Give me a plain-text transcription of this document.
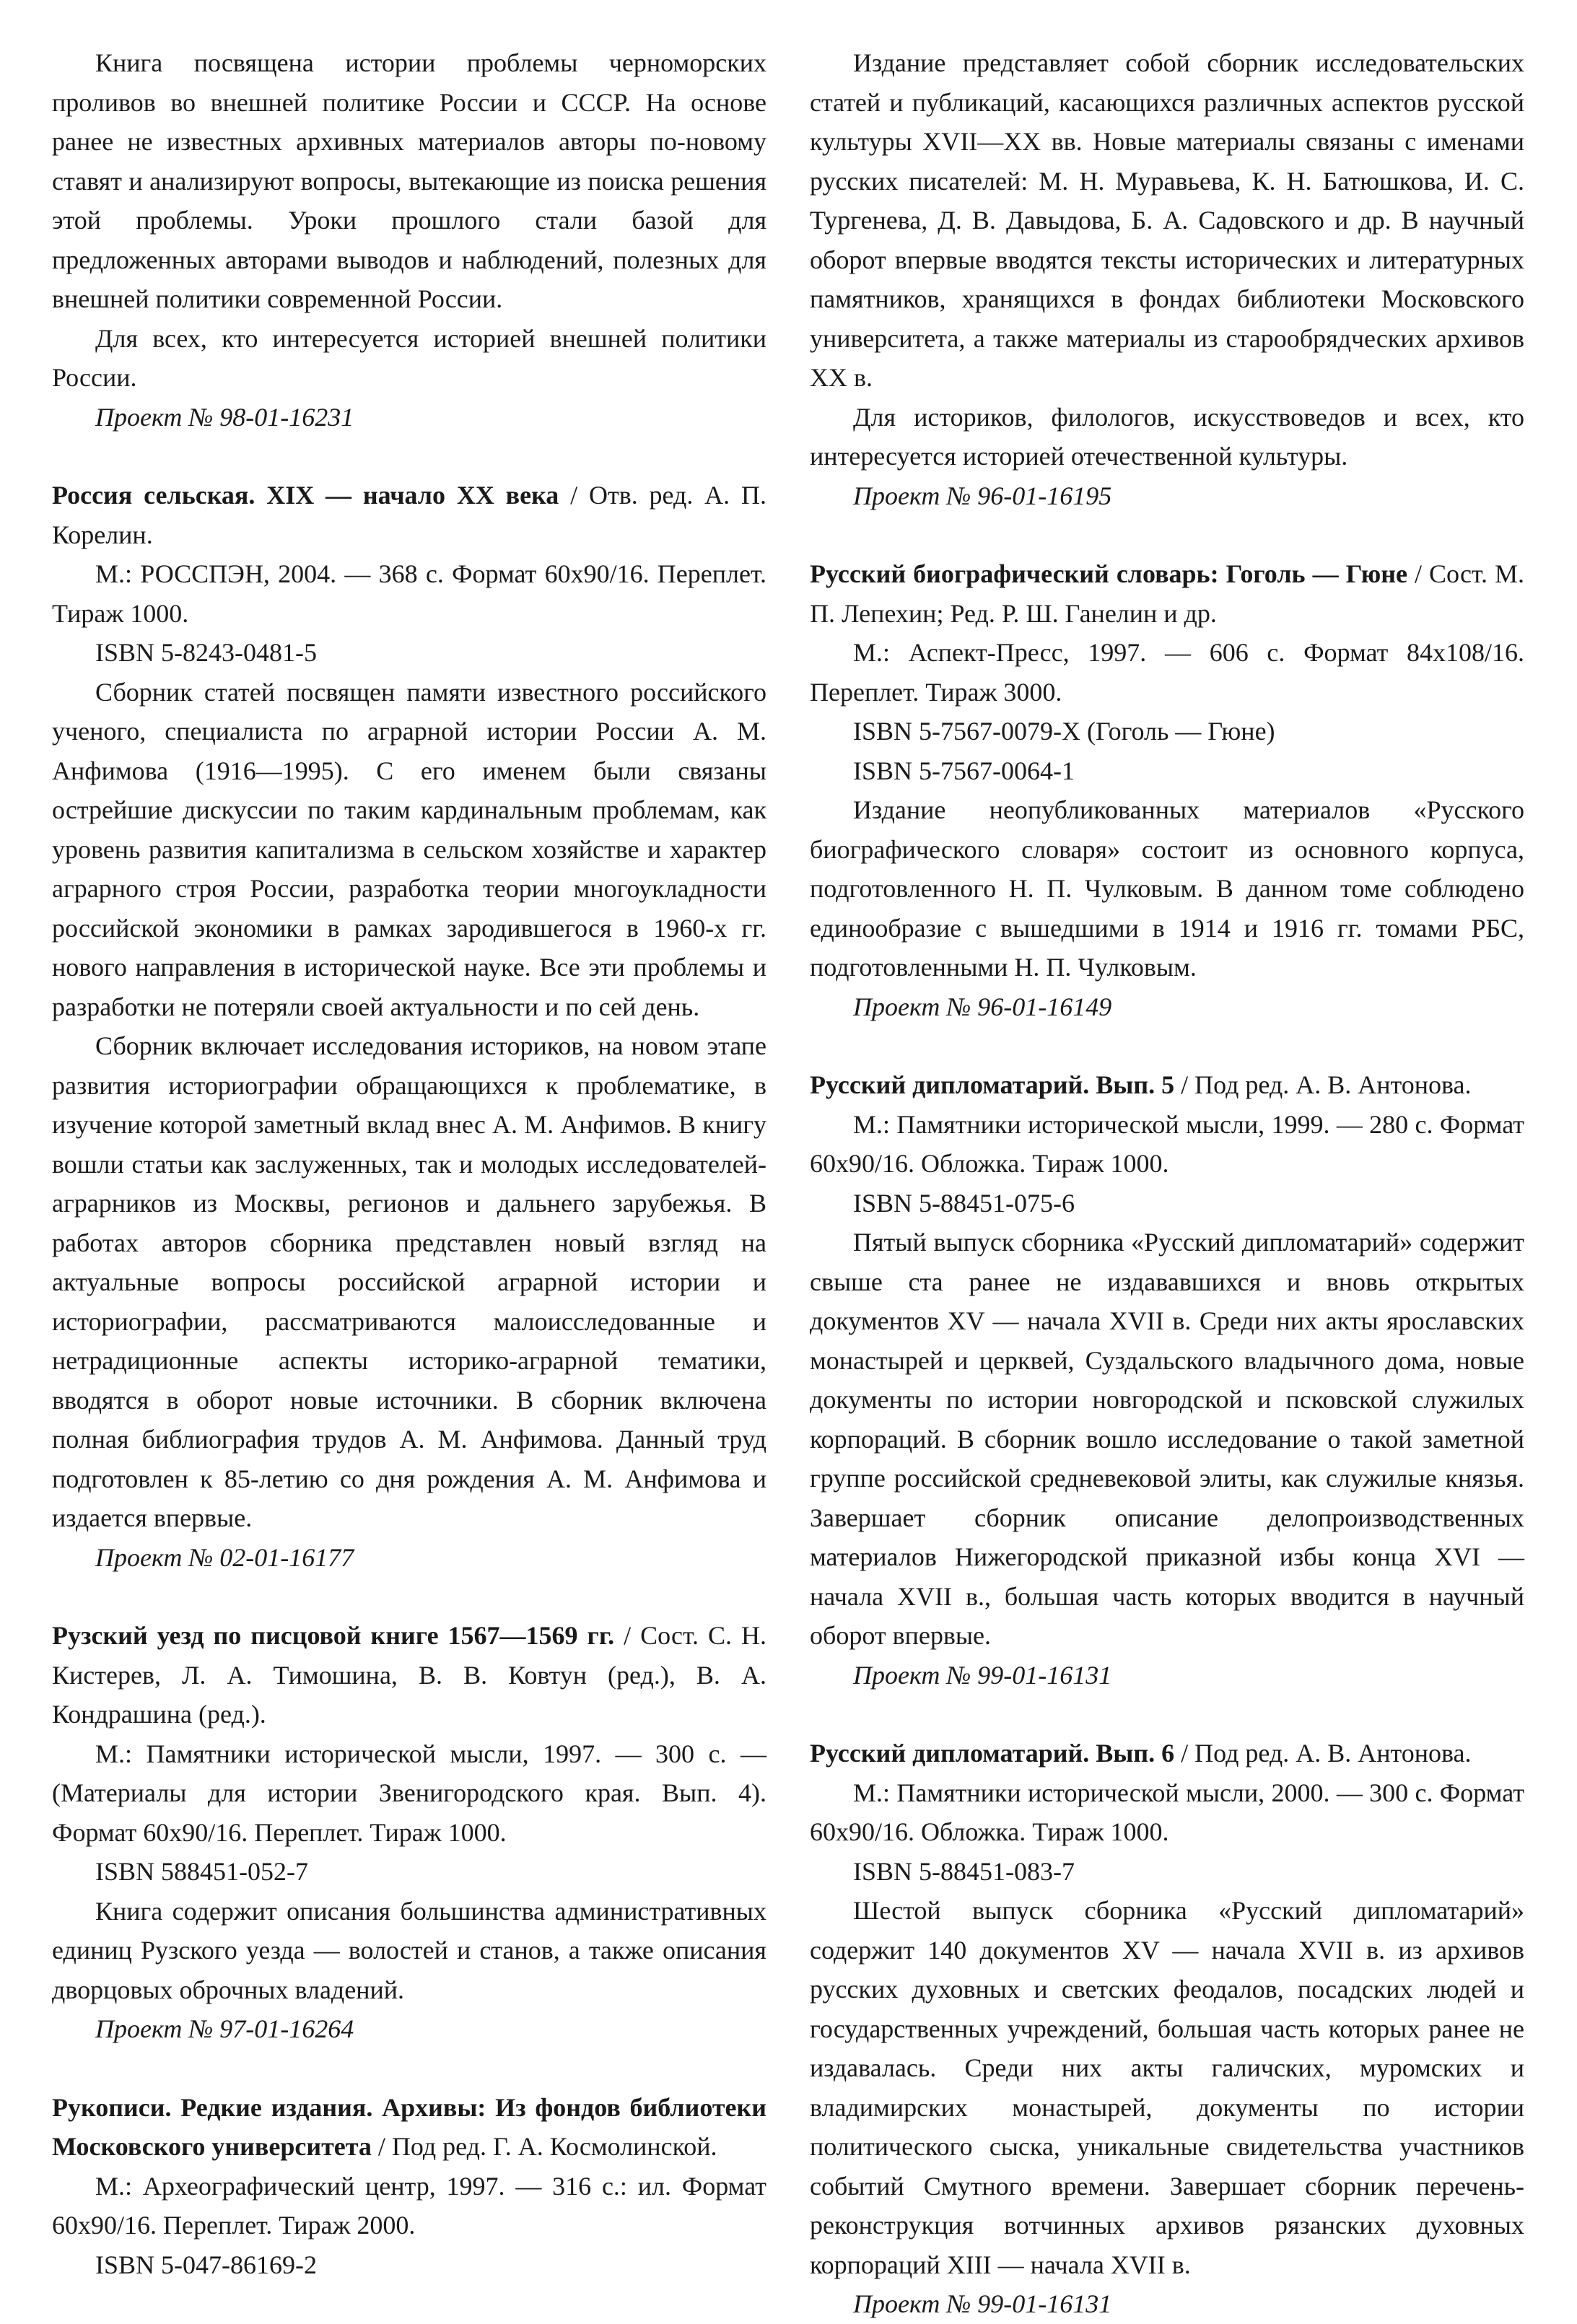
Книга посвящена истории проблемы черноморских проливов во внешней политике России и СССР. На основе ранее не известных архивных материалов авторы по-новому ставят и анализируют вопросы, вытекающие из поиска решения этой проблемы. Уроки прошлого стали базой для предложенных авторами выводов и наблюдений, полезных для внешней политики современной России.

Для всех, кто интересуется историей внешней политики России.

Проект № 98-01-16231

Россия сельская. XIX — начало XX века / Отв. ред. А. П. Корелин.

М.: РОССПЭН, 2004. — 368 с. Формат 60x90/16. Переплет. Тираж 1000.

ISBN 5-8243-0481-5

Сборник статей посвящен памяти известного российского ученого, специалиста по аграрной истории России А. М. Анфимова (1916—1995). С его именем были связаны острейшие дискуссии по таким кардинальным проблемам, как уровень развития капитализма в сельском хозяйстве и характер аграрного строя России, разработка теории многоукладности российской экономики в рамках зародившегося в 1960-х гг. нового направления в исторической науке. Все эти проблемы и разработки не потеряли своей актуальности и по сей день.

Сборник включает исследования историков, на новом этапе развития историографии обращающихся к проблематике, в изучение которой заметный вклад внес А. М. Анфимов. В книгу вошли статьи как заслуженных, так и молодых исследователей-аграрников из Москвы, регионов и дальнего зарубежья. В работах авторов сборника представлен новый взгляд на актуальные вопросы российской аграрной истории и историографии, рассматриваются малоисследованные и нетрадиционные аспекты историко-аграрной тематики, вводятся в оборот новые источники. В сборник включена полная библиография трудов А. М. Анфимова. Данный труд подготовлен к 85-летию со дня рождения А. М. Анфимова и издается впервые.

Проект № 02-01-16177

Рузский уезд по писцовой книге 1567—1569 гг. / Сост. С. Н. Кистерев, Л. А. Тимошина, В. В. Ковтун (ред.), В. А. Кондрашина (ред.).

М.: Памятники исторической мысли, 1997. — 300 с. — (Материалы для истории Звенигородского края. Вып. 4). Формат 60x90/16. Переплет. Тираж 1000.

ISBN 588451-052-7

Книга содержит описания большинства административных единиц Рузского уезда — волостей и станов, а также описания дворцовых оброчных владений.

Проект № 97-01-16264

Рукописи. Редкие издания. Архивы: Из фондов библиотеки Московского университета / Под ред. Г. А. Космолинской.

М.: Археографический центр, 1997. — 316 с.: ил. Формат 60x90/16. Переплет. Тираж 2000.

ISBN 5-047-86169-2

Издание представляет собой сборник исследовательских статей и публикаций, касающихся различных аспектов русской культуры XVII—XX вв. Новые материалы связаны с именами русских писателей: М. Н. Муравьева, К. Н. Батюшкова, И. С. Тургенева, Д. В. Давыдова, Б. А. Садовского и др. В научный оборот впервые вводятся тексты исторических и литературных памятников, хранящихся в фондах библиотеки Московского университета, а также материалы из старообрядческих архивов XX в.

Для историков, филологов, искусствоведов и всех, кто интересуется историей отечественной культуры.

Проект № 96-01-16195

Русский биографический словарь: Гоголь — Гюне / Сост. М. П. Лепехин; Ред. Р. Ш. Ганелин и др.

М.: Аспект-Пресс, 1997. — 606 с. Формат 84x108/16. Переплет. Тираж 3000.

ISBN 5-7567-0079-X (Гоголь — Гюне)

ISBN 5-7567-0064-1

Издание неопубликованных материалов «Русского биографического словаря» состоит из основного корпуса, подготовленного Н. П. Чулковым. В данном томе соблюдено единообразие с вышедшими в 1914 и 1916 гг. томами РБС, подготовленными Н. П. Чулковым.

Проект № 96-01-16149

Русский дипломатарий. Вып. 5 / Под ред. А. В. Антонова.

М.: Памятники исторической мысли, 1999. — 280 с. Формат 60x90/16. Обложка. Тираж 1000.

ISBN 5-88451-075-6

Пятый выпуск сборника «Русский дипломатарий» содержит свыше ста ранее не издававшихся и вновь открытых документов XV — начала XVII в. Среди них акты ярославских монастырей и церквей, Суздальского владычного дома, новые документы по истории новгородской и псковской служилых корпораций. В сборник вошло исследование о такой заметной группе российской средневековой элиты, как служилые князья. Завершает сборник описание делопроизводственных материалов Нижегородской приказной избы конца XVI — начала XVII в., большая часть которых вводится в научный оборот впервые.

Проект № 99-01-16131

Русский дипломатарий. Вып. 6 / Под ред. А. В. Антонова.

М.: Памятники исторической мысли, 2000. — 300 с. Формат 60x90/16. Обложка. Тираж 1000.

ISBN 5-88451-083-7

Шестой выпуск сборника «Русский дипломатарий» содержит 140 документов XV — начала XVII в. из архивов русских духовных и светских феодалов, посадских людей и государственных учреждений, большая часть которых ранее не издавалась. Среди них акты галичских, муромских и владимирских монастырей, документы по истории политического сыска, уникальные свидетельства участников событий Смутного времени. Завершает сборник перечень-реконструкция вотчинных архивов рязанских духовных корпораций XIII — начала XVII в.

Проект № 99-01-16131
